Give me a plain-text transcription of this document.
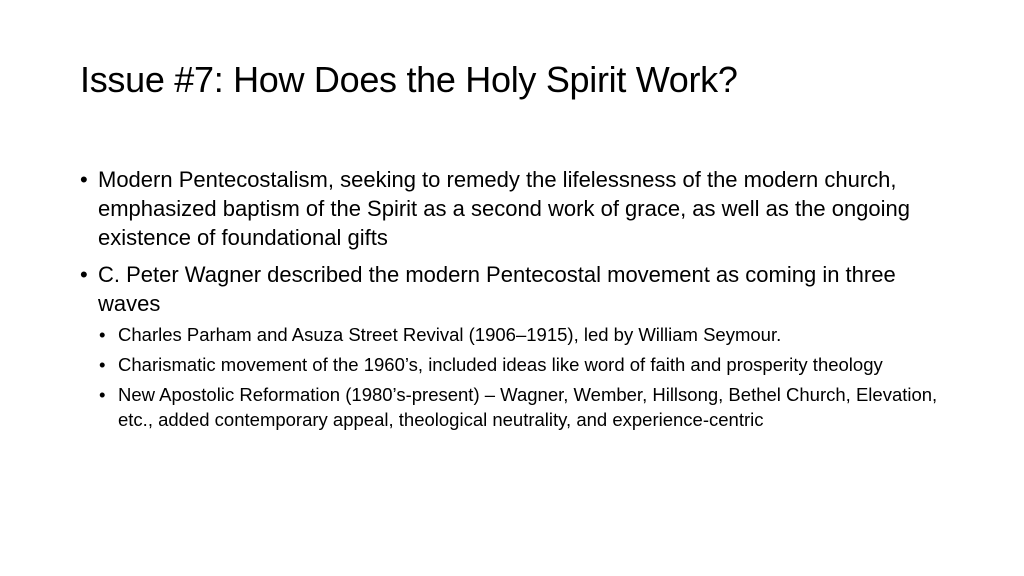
Issue #7: How Does the Holy Spirit Work?
• Modern Pentecostalism, seeking to remedy the lifelessness of the modern church, emphasized baptism of the Spirit as a second work of grace, as well as the ongoing existence of foundational gifts
• C. Peter Wagner described the modern Pentecostal movement as coming in three waves
• Charles Parham and Asuza Street Revival (1906–1915), led by William Seymour.
• Charismatic movement of the 1960’s, included ideas like word of faith and prosperity theology
• New Apostolic Reformation (1980’s-present) – Wagner, Wember, Hillsong, Bethel Church, Elevation, etc., added contemporary appeal, theological neutrality, and experience-centric
